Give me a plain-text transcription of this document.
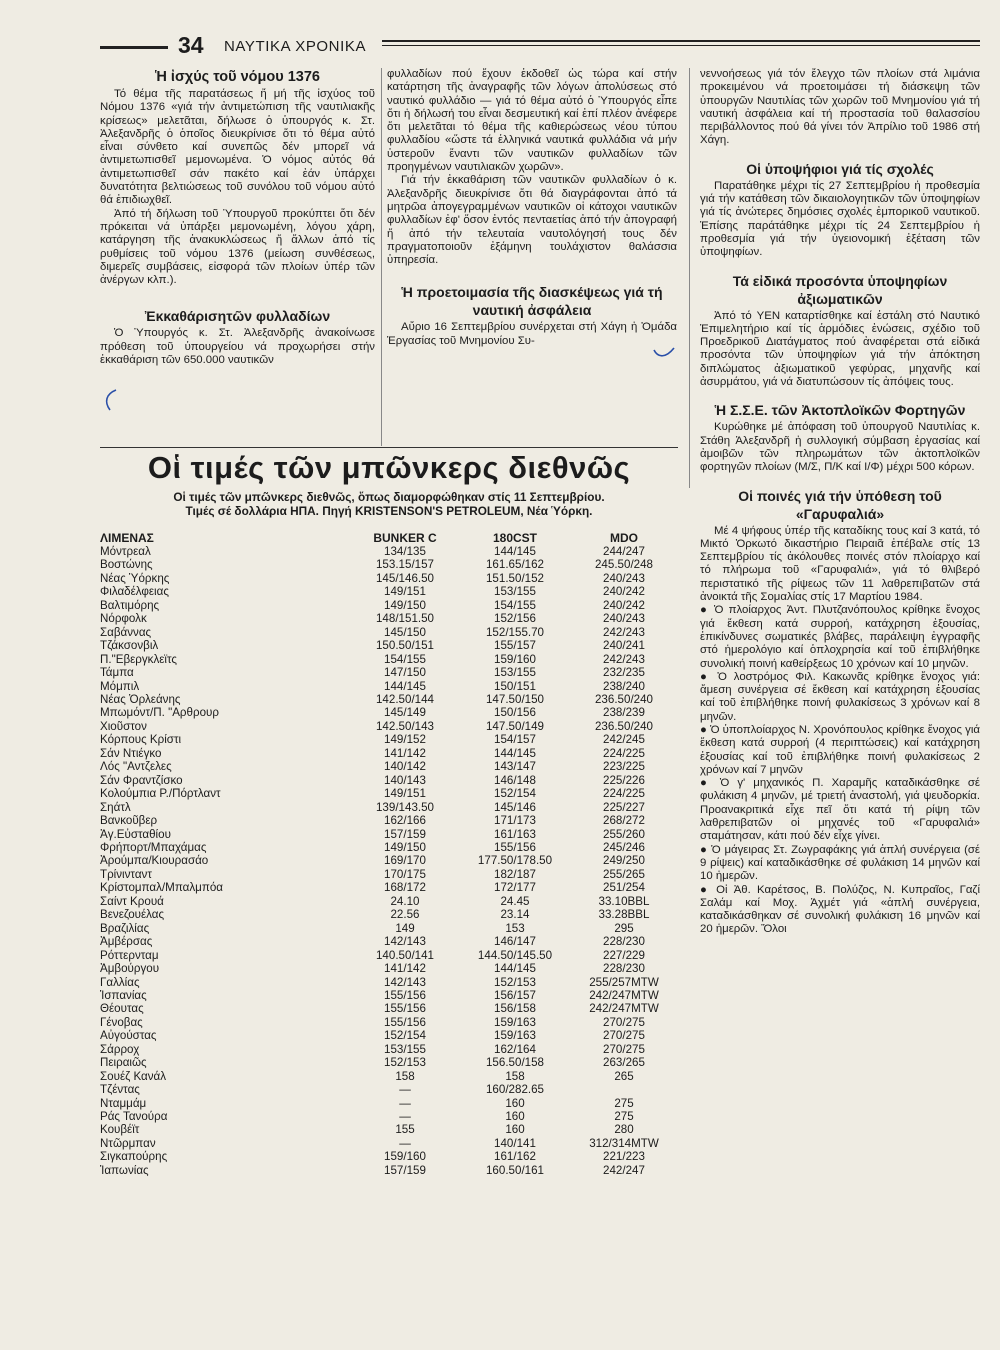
34 ΝΑΥΤΙΚΑ ΧΡΟΝΙΚΑ
Ἡ ἰσχύς τοῦ νόμου 1376

Τό θέμα τῆς παρατάσεως ἤ μή τῆς ἰσχύος τοῦ Νόμου 1376 «γιά τήν ἀντιμετώπιση τῆς ναυτιλιακῆς κρίσεως» μελετᾶται, δήλωσε ὁ ὑπουργός κ. Στ. Ἀλεξανδρῆς ὁ ὁποῖος διευκρίνισε ὅτι τό θέμα αὐτό εἶναι σύνθετο καί συνεπῶς δέν μπορεῖ νά ἀντιμετωπισθεῖ μεμονωμένα. Ὁ νόμος αὐτός θά ἀντιμετωπισθεῖ σάν πακέτο καί ἐάν ὑπάρχει δυνατότητα βελτιώσεως τοῦ συνόλου τοῦ νόμου αὐτό θά ἐπιδιωχθεῖ.

Ἀπό τή δήλωση τοῦ Ὑπουργοῦ προκύπτει ὅτι δέν πρόκειται νά ὑπάρξει μεμονωμένη, λόγου χάρη, κατάργηση τῆς ἀνακυκλώσεως ἤ ἄλλων ἀπό τίς ρυθμίσεις τοῦ νόμου 1376 (μείωση συνθέσεως, διμερεῖς συμβάσεις, εἰσφορά τῶν πλοίων ὑπέρ τῶν ἀνέργων κλπ.).

Ἐκκαθάρισητῶν φυλλαδίων

Ὁ Ὑπουργός κ. Στ. Ἀλεξανδρῆς ἀνακοίνωσε πρόθεση τοῦ ὑπουργείου νά προχωρήσει στήν ἐκκαθάριση τῶν 650.000 ναυτικῶν

φυλλαδίων πού ἔχουν ἐκδοθεῖ ὡς τώρα καί στήν κατάρτηση τῆς ἀναγραφῆς τῶν λόγων ἀπολύσεως στό ναυτικό φυλλάδιο — γιά τό θέμα αὐτό ὁ Ὑπουργός εἶπε ὅτι ἡ δήλωσή του εἶναι δεσμευτική καί ἐπί πλέον ἀνέφερε ὅτι μελετᾶται τό θέμα τῆς καθιερώσεως νέου τύπου φυλλαδίου «ὥστε τά ἑλληνικά ναυτικά φυλλάδια νά μήν ὑστεροῦν ἔναντι τῶν ναυτικῶν φυλλαδίων τῶν προηγμένων ναυτιλιακῶν χωρῶν».

Γιά τήν ἐκκαθάριση τῶν ναυτικῶν φυλλαδίων ὁ κ. Ἀλεξανδρῆς διευκρίνισε ὅτι θά διαγράφονται ἀπό τά μητρῶα ἀπογεγραμμένων ναυτικῶν οἱ κάτοχοι ναυτικῶν φυλλαδίων ἐφ' ὅσον ἐντός πενταετίας ἀπό τήν ἀπογραφή ἤ ἀπό τήν τελευταία ναυτολόγησή τους δέν πραγματοποιοῦν ἐξάμηνη τουλάχιστον θαλάσσια ὑπηρεσία.

Ἡ προετοιμασία τῆς διασκέψεως γιά τή ναυτική ἀσφάλεια

Αὔριο 16 Σεπτεμβρίου συνέρχεται στή Χάγη ἡ Ὁμάδα Ἐργασίας τοῦ Μνημονίου Συ-

νεννοήσεως γιά τόν ἔλεγχο τῶν πλοίων στά λιμάνια προκειμένου νά προετοιμάσει τή διάσκεψη τῶν ὑπουργῶν Ναυτιλίας τῶν χωρῶν τοῦ Μνημονίου γιά τή ναυτική ἀσφάλεια καί τή προστασία τοῦ θαλασσίου περιβάλλοντος πού θά γίνει τόν Ἀπρίλιο τοῦ 1986 στή Χάγη.

Οἱ ὑποψήφιοι γιά τίς σχολές

Παρατάθηκε μέχρι τίς 27 Σεπτεμβρίου ἡ προθεσμία γιά τήν κατάθεση τῶν δικαιολογητικῶν τῶν ὑποψηφίων γιά τίς ἀνώτερες δημόσιες σχολές ἐμπορικοῦ ναυτικοῦ. Ἐπίσης παράτάθηκε μέχρι τίς 24 Σεπτεμβρίου ἡ προθεσμία γιά τήν ὑγειονομική ἐξέταση τῶν ὑποψηφίων.

Τά εἰδικά προσόντα ὑποψηφίων ἀξιωματικῶν

Ἀπό τό ΥΕΝ καταρτίσθηκε καί ἐστάλη στό Ναυτικό Ἐπιμελητήριο καί τίς ἁρμόδιες ἑνώσεις, σχέδιο τοῦ Προεδρικοῦ Διατάγματος πού ἀναφέρεται στά εἰδικά προσόντα τῶν ὑποψηφίων γιά τήν ἀπόκτηση διπλώματος ἀξιωματικοῦ γεφύρας, μηχανῆς καί ἀσυρμάτου, γιά νά διατυπώσουν τίς ἀπόψεις τους.

Ἡ Σ.Σ.Ε. τῶν Ἀκτοπλοϊκῶν Φορτηγῶν

Κυρώθηκε μέ ἀπόφαση τοῦ ὑπουργοῦ Ναυτιλίας κ. Στάθη Ἀλεξανδρῆ ἡ συλλογική σύμβαση ἐργασίας καί ἀμοιβῶν τῶν πληρωμάτων τῶν ἀκτοπλοϊκῶν φορτηγῶν πλοίων (Μ/Σ, Π/Κ καί Ι/Φ) μέχρι 500 κόρων.

Οἱ ποινές γιά τήν ὑπόθεση τοῦ «Γαρυφαλιά»

Μέ 4 ψήφους ὑπέρ τῆς καταδίκης τους καί 3 κατά, τό Μικτό Ὁρκωτό δικαστήριο Πειραιᾶ ἐπέβαλε στίς 13 Σεπτεμβρίου τίς ἀκόλουθες ποινές στόν πλοίαρχο καί τό πλήρωμα τοῦ «Γαρυφαλιά», γιά τό θλιβερό περιστατικό τῆς ρίψεως τῶν 11 λαθρεπιβατῶν στά ἀνοικτά τῆς Σομαλίας στίς 17 Μαρτίου 1984.

● Ὁ πλοίαρχος Ἀντ. Πλυτζανόπουλος κρίθηκε ἔνοχος γιά ἔκθεση κατά συρροή, κατάχρηση ἐξουσίας, ἐπικίνδυνες σωματικές βλάβες, παράλειψη ἐγγραφῆς στό ἡμερολόγιο καί ὁπλοχρησία καί τοῦ ἐπιβλήθηκε συνολική ποινή καθείρξεως 10 χρόνων καί 10 μηνῶν.

● Ὁ λοστρόμος Φιλ. Κακωνᾶς κρίθηκε ἔνοχος γιά: ἄμεση συνέργεια σέ ἔκθεση καί κατάχρηση ἐξουσίας καί τοῦ ἐπιβλήθηκε ποινή φυλακίσεως 3 χρόνων καί 8 μηνῶν.

● Ὁ ὑποπλοίαρχος Ν. Χρονόπουλος κρίθηκε ἔνοχος γιά ἔκθεση κατά συρροή (4 περιπτώσεις) καί κατάχρηση ἐξουσίας καί τοῦ ἐπιβλήθηκε ποινή φυλακίσεως 2 χρόνων καί 7 μηνῶν

● Ὁ γ' μηχανικός Π. Χαραμῆς καταδικάσθηκε σέ φυλάκιση 4 μηνῶν, μέ τριετή ἀναστολή, γιά ψευδορκία. Προανακριτικά εἶχε πεῖ ὅτι κατά τή ρίψη τῶν λαθρεπιβατῶν οἱ μηχανές τοῦ «Γαρυφαλιά» σταμάτησαν, κάτι πού δέν εἶχε γίνει.

● Ὁ μάγειρας Στ. Ζωγραφάκης γιά ἁπλή συνέργεια (σέ 9 ρίψεις) καί καταδικάσθηκε σέ φυλάκιση 14 μηνῶν καί 10 ἡμερῶν.

● Οἱ Ἀθ. Καρέτσος, Β. Πολύζος, Ν. Κυπραῖος, Γαζί Σαλάμ καί Μοχ. Ἀχμέτ γιά «ἁπλή συνέργεια, καταδικάσθηκαν σέ συνολική φυλάκιση 16 μηνῶν καί 20 ἡμερῶν. Ὅλοι

Οἱ τιμές τῶν μπῶνκερς διεθνῶς
Οἱ τιμές τῶν μπῶνκερς διεθνῶς, ὅπως διαμορφώθηκαν στίς 11 Σεπτεμβρίου.
Τιμές σέ δολλάρια ΗΠΑ. Πηγή KRISTENSON'S PETROLEUM, Νέα Ὑόρκη.
ΛΙΜΕΝΑΣ	BUNKER C	180CST	MDO
Μόντρεαλ	134/135	144/145	244/247
Βοστώνης	153.15/157	161.65/162	245.50/248
Νέας Ὑόρκης	145/146.50	151.50/152	240/243
Φιλαδέλφειας	149/151	153/155	240/242
Βαλτιμόρης	149/150	154/155	240/242
Νόρφολκ	148/151.50	152/156	240/243
Σαβάννας	145/150	152/155.70	242/243
Τζάκσονβιλ	150.50/151	155/157	240/241
Π."Εβεργκλεϊτς	154/155	159/160	242/243
Τάμπα	147/150	153/155	232/235
Μόμπιλ	144/145	150/151	238/240
Νέας Ὀρλεάνης	142.50/144	147.50/150	236.50/240
Μπωμόντ/Π. "Αρθρουρ	145/149	150/156	238/239
Χιοῦστον	142.50/143	147.50/149	236.50/240
Κόρπους Κρίστι	149/152	154/157	242/245
Σάν Ντιέγκο	141/142	144/145	224/225
Λός "Αντζελες	140/142	143/147	223/225
Σάν Φραντζίσκο	140/143	146/148	225/226
Κολούμπια Ρ./Πόρτλαντ	149/151	152/154	224/225
Σηάτλ	139/143.50	145/146	225/227
Βανκοῦβερ	162/166	171/173	268/272
Ἁγ.Εὐσταθίου	157/159	161/163	255/260
Φρήπορτ/Μπαχάμας	149/150	155/156	245/246
Ἀρούμπα/Κιουρασάο	169/170	177.50/178.50	249/250
Τρίνινταντ	170/175	182/187	255/265
Κρίστομπαλ/Μπαλμπόα	168/172	172/177	251/254
Σαίντ Κρουά	24.10	24.45	33.10BBL
Βενεζουέλας	22.56	23.14	33.28BBL
Βραζιλίας	149	153	295
Ἀμβέρσας	142/143	146/147	228/230
Ρόττερνταμ	140.50/141	144.50/145.50	227/229
Ἀμβούργου	141/142	144/145	228/230
Γαλλίας	142/143	152/153	255/257MTW
Ἱσπανίας	155/156	156/157	242/247MTW
Θέουτας	155/156	156/158	242/247MTW
Γένοβας	155/156	159/163	270/275
Αὐγούστας	152/154	159/163	270/275
Σάρροχ	153/155	162/164	270/275
Πειραιῶς	152/153	156.50/158	263/265
Σουέζ Κανάλ	158	158	265
Τζέντας	—	160/282.65	
Νταμμάμ	—	160	275
Ράς Τανούρα	—	160	275
Κουβέϊτ	155	160	280
Ντῶρμπαν	—	140/141	312/314MTW
Σιγκαπούρης	159/160	161/162	221/223
Ἰαπωνίας	157/159	160.50/161	242/247
